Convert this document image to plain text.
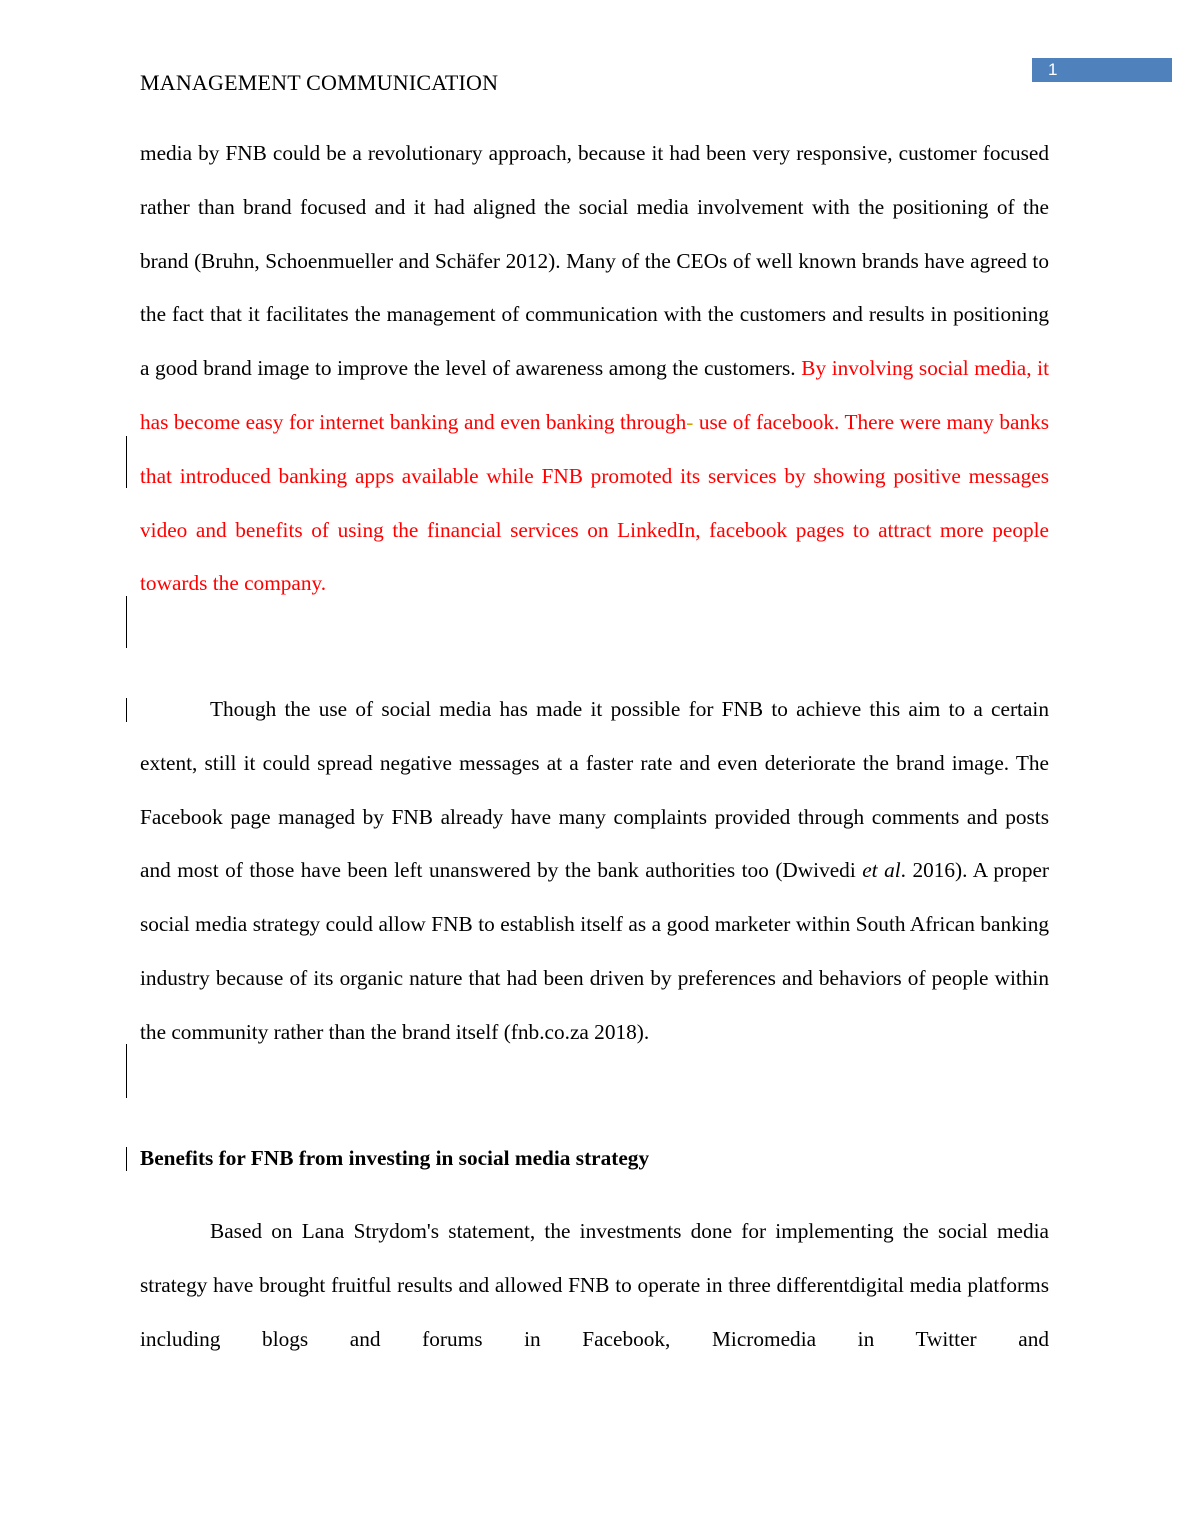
MANAGEMENT COMMUNICATION
1
media by FNB could be a revolutionary approach, because it had been very responsive, customer focused rather than brand focused and it had aligned the social media involvement with the positioning of the brand (Bruhn, Schoenmueller and Schäfer 2012). Many of the CEOs of well known brands have agreed to the fact that it facilitates the management of communication with the customers and results in positioning a good brand image to improve the level of awareness among the customers. By involving social media, it has become easy for internet banking and even banking through- use of facebook. There were many banks that introduced banking apps available while FNB promoted its services by showing positive messages video and benefits of using the financial services on LinkedIn, facebook pages to attract more people towards the company.
Though the use of social media has made it possible for FNB to achieve this aim to a certain extent, still it could spread negative messages at a faster rate and even deteriorate the brand image. The Facebook page managed by FNB already have many complaints provided through comments and posts and most of those have been left unanswered by the bank authorities too (Dwivedi et al. 2016). A proper social media strategy could allow FNB to establish itself as a good marketer within South African banking industry because of its organic nature that had been driven by preferences and behaviors of people within the community rather than the brand itself (fnb.co.za 2018).
Benefits for FNB from investing in social media strategy
Based on Lana Strydom's statement, the investments done for implementing the social media strategy have brought fruitful results and allowed FNB to operate in three differentdigital media platforms including blogs and forums in Facebook, Micromedia in Twitter and
